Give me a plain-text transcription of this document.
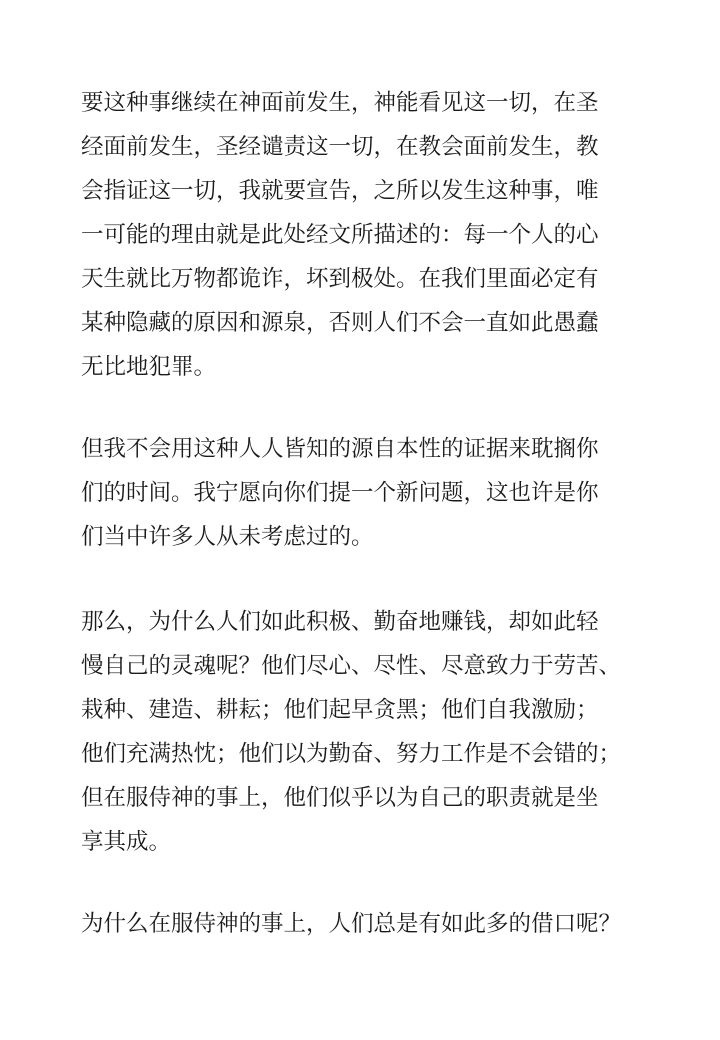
要这种事继续在神面前发生，神能看见这一切，在圣
经面前发生，圣经谴责这一切，在教会面前发生，教
会指证这一切，我就要宣告，之所以发生这种事，唯
一可能的理由就是此处经文所描述的：每一个人的心
天生就比万物都诡诈，坏到极处。在我们里面必定有
某种隐藏的原因和源泉，否则人们不会一直如此愚蠢
无比地犯罪。

但我不会用这种人人皆知的源自本性的证据来耽搁你
们的时间。我宁愿向你们提一个新问题，这也许是你
们当中许多人从未考虑过的。

那么，为什么人们如此积极、勤奋地赚钱，却如此轻
慢自己的灵魂呢？他们尽心、尽性、尽意致力于劳苦、
栽种、建造、耕耘；他们起早贪黑；他们自我激励；
他们充满热忱；他们以为勤奋、努力工作是不会错的；
但在服侍神的事上，他们似乎以为自己的职责就是坐
享其成。

为什么在服侍神的事上，人们总是有如此多的借口呢？
